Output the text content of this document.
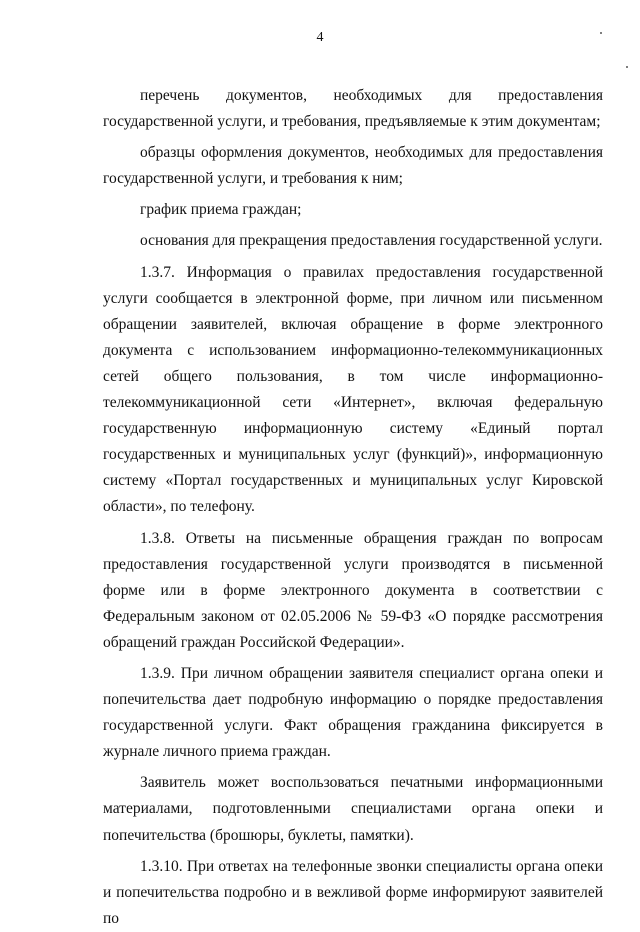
4

перечень документов, необходимых для предоставления государственной услуги, и требования, предъявляемые к этим документам;

образцы оформления документов, необходимых для предоставления государственной услуги, и требования к ним;

график приема граждан;

основания для прекращения предоставления государственной услуги.

1.3.7. Информация о правилах предоставления государственной услуги сообщается в электронной форме, при личном или письменном обращении заявителей, включая обращение в форме электронного документа с использованием информационно-телекоммуникационных сетей общего пользования, в том числе информационно-телекоммуникационной сети «Интернет», включая федеральную государственную информационную систему «Единый портал государственных и муниципальных услуг (функций)», информационную систему «Портал государственных и муниципальных услуг Кировской области», по телефону.

1.3.8. Ответы на письменные обращения граждан по вопросам предоставления государственной услуги производятся в письменной форме или в форме электронного документа в соответствии с Федеральным законом от 02.05.2006 № 59-ФЗ «О порядке рассмотрения обращений граждан Российской Федерации».

1.3.9. При личном обращении заявителя специалист органа опеки и попечительства дает подробную информацию о порядке предоставления государственной услуги. Факт обращения гражданина фиксируется в журнале личного приема граждан.

Заявитель может воспользоваться печатными информационными материалами, подготовленными специалистами органа опеки и попечительства (брошюры, буклеты, памятки).

1.3.10. При ответах на телефонные звонки специалисты органа опеки и попечительства подробно и в вежливой форме информируют заявителей по
